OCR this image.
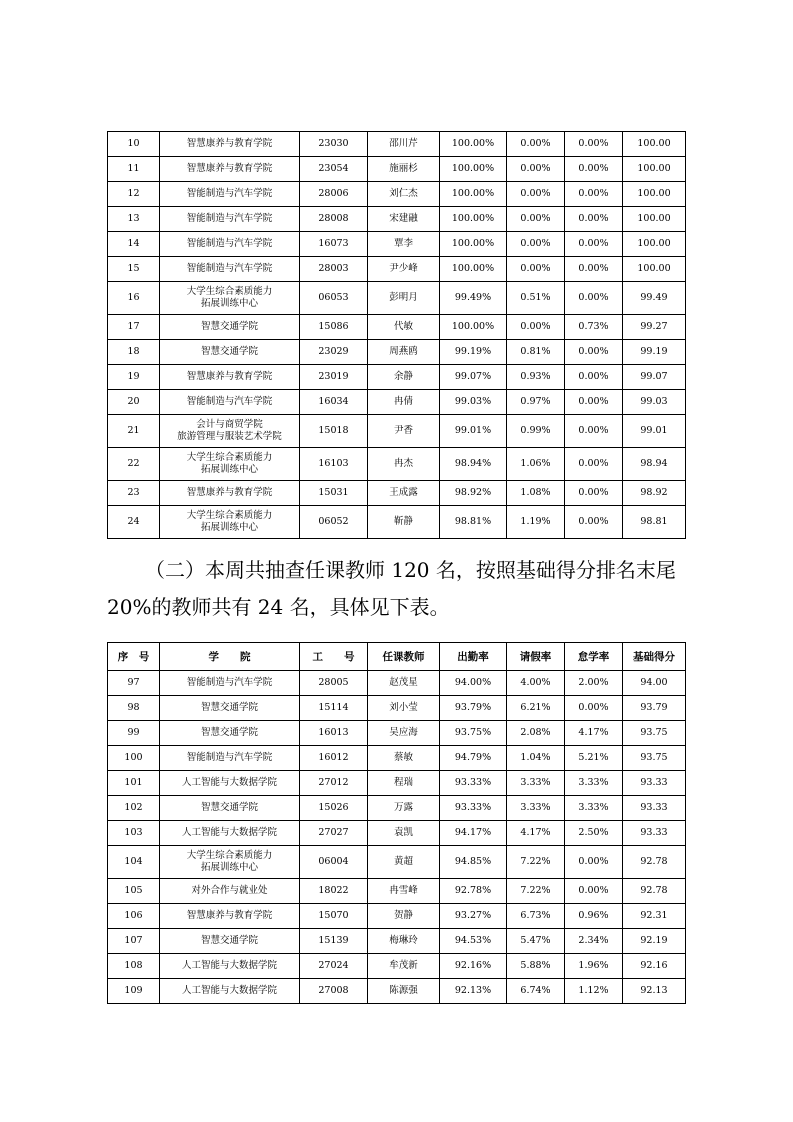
10	智慧康养与教育学院	23030	邵川芹	100.00%	0.00%	0.00%	100.00
11	智慧康养与教育学院	23054	施丽杉	100.00%	0.00%	0.00%	100.00
12	智能制造与汽车学院	28006	刘仁杰	100.00%	0.00%	0.00%	100.00
13	智能制造与汽车学院	28008	宋建融	100.00%	0.00%	0.00%	100.00
14	智能制造与汽车学院	16073	覃李	100.00%	0.00%	0.00%	100.00
15	智能制造与汽车学院	28003	尹少峰	100.00%	0.00%	0.00%	100.00
16	大学生综合素质能力
拓展训练中心	06053	彭明月	99.49%	0.51%	0.00%	99.49
17	智慧交通学院	15086	代敏	100.00%	0.00%	0.73%	99.27
18	智慧交通学院	23029	周燕鸥	99.19%	0.81%	0.00%	99.19
19	智慧康养与教育学院	23019	余静	99.07%	0.93%	0.00%	99.07
20	智能制造与汽车学院	16034	冉倩	99.03%	0.97%	0.00%	99.03
21	会计与商贸学院
旅游管理与服装艺术学院	15018	尹香	99.01%	0.99%	0.00%	99.01
22	大学生综合素质能力
拓展训练中心	16103	冉杰	98.94%	1.06%	0.00%	98.94
23	智慧康养与教育学院	15031	王成露	98.92%	1.08%	0.00%	98.92
24	大学生综合素质能力
拓展训练中心	06052	靳静	98.81%	1.19%	0.00%	98.81

（二）本周共抽查任课教师 120 名，按照基础得分排名末尾

20%的教师共有 24 名，具体见下表。

序　号	学　　院	工　　号	任课教师	出勤率	请假率	怠学率	基础得分
97	智能制造与汽车学院	28005	赵茂星	94.00%	4.00%	2.00%	94.00
98	智慧交通学院	15114	刘小莹	93.79%	6.21%	0.00%	93.79
99	智慧交通学院	16013	吴应海	93.75%	2.08%	4.17%	93.75
100	智能制造与汽车学院	16012	蔡敏	94.79%	1.04%	5.21%	93.75
101	人工智能与大数据学院	27012	程瑞	93.33%	3.33%	3.33%	93.33
102	智慧交通学院	15026	万露	93.33%	3.33%	3.33%	93.33
103	人工智能与大数据学院	27027	袁凯	94.17%	4.17%	2.50%	93.33
104	大学生综合素质能力
拓展训练中心	06004	黄超	94.85%	7.22%	0.00%	92.78
105	对外合作与就业处	18022	冉雪峰	92.78%	7.22%	0.00%	92.78
106	智慧康养与教育学院	15070	贺静	93.27%	6.73%	0.96%	92.31
107	智慧交通学院	15139	梅琳玲	94.53%	5.47%	2.34%	92.19
108	人工智能与大数据学院	27024	牟茂新	92.16%	5.88%	1.96%	92.16
109	人工智能与大数据学院	27008	陈源强	92.13%	6.74%	1.12%	92.13
